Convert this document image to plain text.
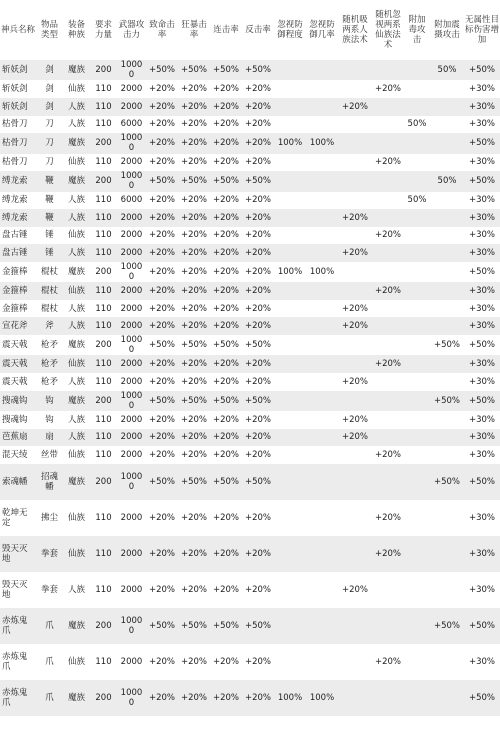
神兵名称	物品类型	装备种族	要求力量	武器攻击力	致命击率	狂暴击率	连击率	反击率	忽视防御程度	忽视防御几率	随机吸两系人族法术	随机忽视两系仙族法术	附加毒攻击	附加震摄攻击	无属性目标伤害增加
斩妖剑	剑	魔族	200	10000	+50%	+50%	+50%	+50%						50%	+50%
斩妖剑	剑	仙族	110	2000	+20%	+20%	+20%	+20%				+20%			+30%
斩妖剑	剑	人族	110	2000	+20%	+20%	+20%	+20%			+20%				+30%
枯骨刀	刀	人族	110	6000	+20%	+20%	+20%	+20%					50%		+30%
枯骨刀	刀	魔族	200	10000	+20%	+20%	+20%	+20%	100%	100%					+50%
枯骨刀	刀	仙族	110	2000	+20%	+20%	+20%	+20%				+20%			+30%
缚龙索	鞭	魔族	200	10000	+50%	+50%	+50%	+50%						50%	+50%
缚龙索	鞭	人族	110	6000	+20%	+20%	+20%	+20%					50%		+30%
缚龙索	鞭	人族	110	2000	+20%	+20%	+20%	+20%			+20%				+30%
盘古锤	锤	仙族	110	2000	+20%	+20%	+20%	+20%				+20%			+30%
盘古锤	锤	人族	110	2000	+20%	+20%	+20%	+20%			+20%				+30%
金箍棒	棍杖	魔族	200	10000	+20%	+20%	+20%	+20%	100%	100%					+50%
金箍棒	棍杖	仙族	110	2000	+20%	+20%	+20%	+20%				+20%			+30%
金箍棒	棍杖	人族	110	2000	+20%	+20%	+20%	+20%			+20%				+30%
宣花斧	斧	人族	110	2000	+20%	+20%	+20%	+20%			+20%				+30%
震天戟	枪矛	魔族	200	10000	+50%	+50%	+50%	+50%						+50%	+50%
震天戟	枪矛	仙族	110	2000	+20%	+20%	+20%	+20%				+20%			+30%
震天戟	枪矛	人族	110	2000	+20%	+20%	+20%	+20%			+20%				+30%
搜魂钩	钩	魔族	200	10000	+50%	+50%	+50%	+50%						+50%	+50%
搜魂钩	钩	人族	110	2000	+20%	+20%	+20%	+20%			+20%				+30%
芭蕉扇	扇	人族	110	2000	+20%	+20%	+20%	+20%			+20%				+30%
混天绫	丝带	仙族	110	2000	+20%	+20%	+20%	+20%				+20%			+30%
索魂幡	招魂幡	魔族	200	10000	+50%	+50%	+50%	+50%						+50%	+50%
乾坤无定	拂尘	仙族	110	2000	+20%	+20%	+20%	+20%				+20%			+30%
毁天灭地	拳套	仙族	110	2000	+20%	+20%	+20%	+20%				+20%			+30%
毁天灭地	拳套	人族	110	2000	+20%	+20%	+20%	+20%			+20%				+30%
赤炼鬼爪	爪	魔族	200	10000	+50%	+50%	+50%	+50%						+50%	+50%
赤炼鬼爪	爪	仙族	110	2000	+20%	+20%	+20%	+20%				+20%			+30%
赤炼鬼爪	爪	魔族	200	10000	+20%	+20%	+20%	+20%	100%	100%					+50%
